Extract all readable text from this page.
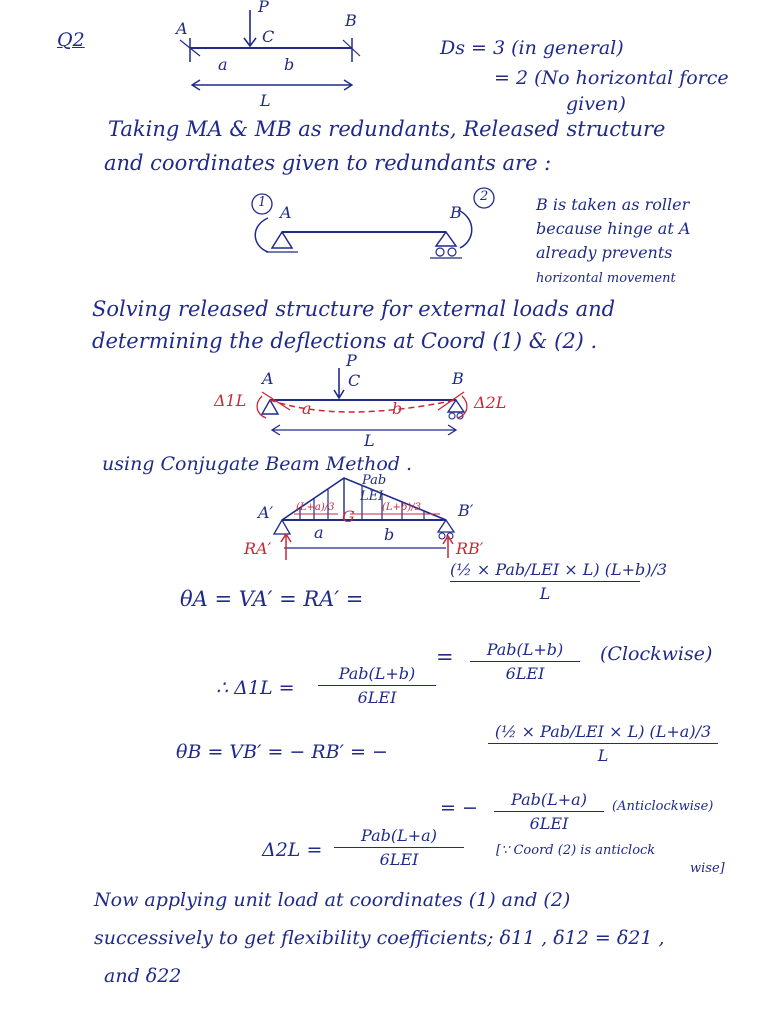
Q2
P
A	C
B
a	b
L
Ds = 3 (in general)
= 2 (No horizontal force
given)
Taking MA & MB as redundants, Released structure
and coordinates given to redundants are :
1	2
A	B	B is taken as roller
because hinge at A
already prevents
horizontal movement
Solving released structure for external loads and
determining the deflections at Coord (1) & (2) .
P
A	C	B
a	b
L
Δ1L	Δ2L
using Conjugate Beam Method .
Pab
LEI
A′	B′
G
(L+a)/3	(L+b)/3
a	b
RA′	RB′
θA = VA′ = RA′ =
(½ × Pab/LEI × L) (L+b)/3
L
=	Pab(L+b)
6LEI
(Clockwise)
∴ Δ1L =
Pab(L+b)
6LEI
θB = VB′ = − RB′ = −
(½ × Pab/LEI × L) (L+a)/3
L
= −	Pab(L+a)
6LEI
(Anticlockwise)
Δ2L =
Pab(L+a)
6LEI	[∵ Coord (2) is anticlock
wise]
Now applying unit load at coordinates (1) and (2)
successively to get flexibility coefficients; δ11 , δ12 = δ21 ,
and δ22
